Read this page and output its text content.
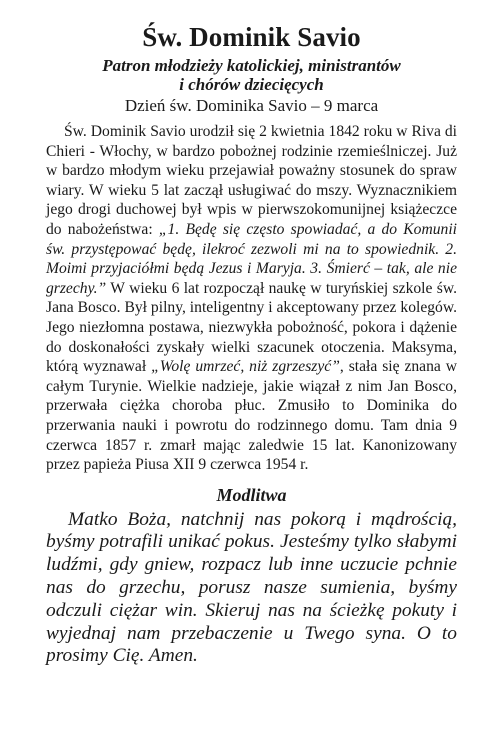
Św. Dominik Savio
Patron młodzieży katolickiej, ministrantów
i chórów dziecięcych
Dzień św. Dominika Savio – 9 marca

Św. Dominik Savio urodził się 2 kwietnia 1842 roku w Riva di Chieri - Włochy, w bardzo pobożnej rodzinie rzemieślniczej. Już w bardzo młodym wieku przejawiał poważny stosunek do spraw wiary. W wieku 5 lat zaczął usługiwać do mszy. Wyznacznikiem jego drogi duchowej był wpis w pierwszokomunijnej książeczce do nabożeństwa: „1. Będę się często spowiadać, a do Komunii św. przystępować będę, ilekroć zezwoli mi na to spowiednik. 2. Moimi przyjaciółmi będą Jezus i Maryja. 3. Śmierć – tak, ale nie grzechy.” W wieku 6 lat rozpoczął naukę w turyńskiej szkole św. Jana Bosco. Był pilny, inteligentny i akceptowany przez kolegów. Jego niezłomna postawa, niezwykła pobożność, pokora i dążenie do doskonałości zyskały wielki szacunek otoczenia. Maksyma, którą wyznawał „Wolę umrzeć, niż zgrzeszyć”, stała się znana w całym Turynie. Wielkie nadzieje, jakie wiązał z nim Jan Bosco, przerwała ciężka choroba płuc. Zmusiło to Dominika do przerwania nauki i powrotu do rodzinnego domu. Tam dnia 9 czerwca 1857 r. zmarł mając zaledwie 15 lat. Kanonizowany przez papieża Piusa XII 9 czerwca 1954 r.

Modlitwa

Matko Boża, natchnij nas pokorą i mądrością, byśmy potrafili unikać pokus. Jesteśmy tylko słabymi ludźmi, gdy gniew, rozpacz lub inne uczucie pchnie nas do grzechu, porusz nasze sumienia, byśmy odczuli ciężar win. Skieruj nas na ścieżkę pokuty i wyjednaj nam przebaczenie u Twego syna. O to prosimy Cię. Amen.
